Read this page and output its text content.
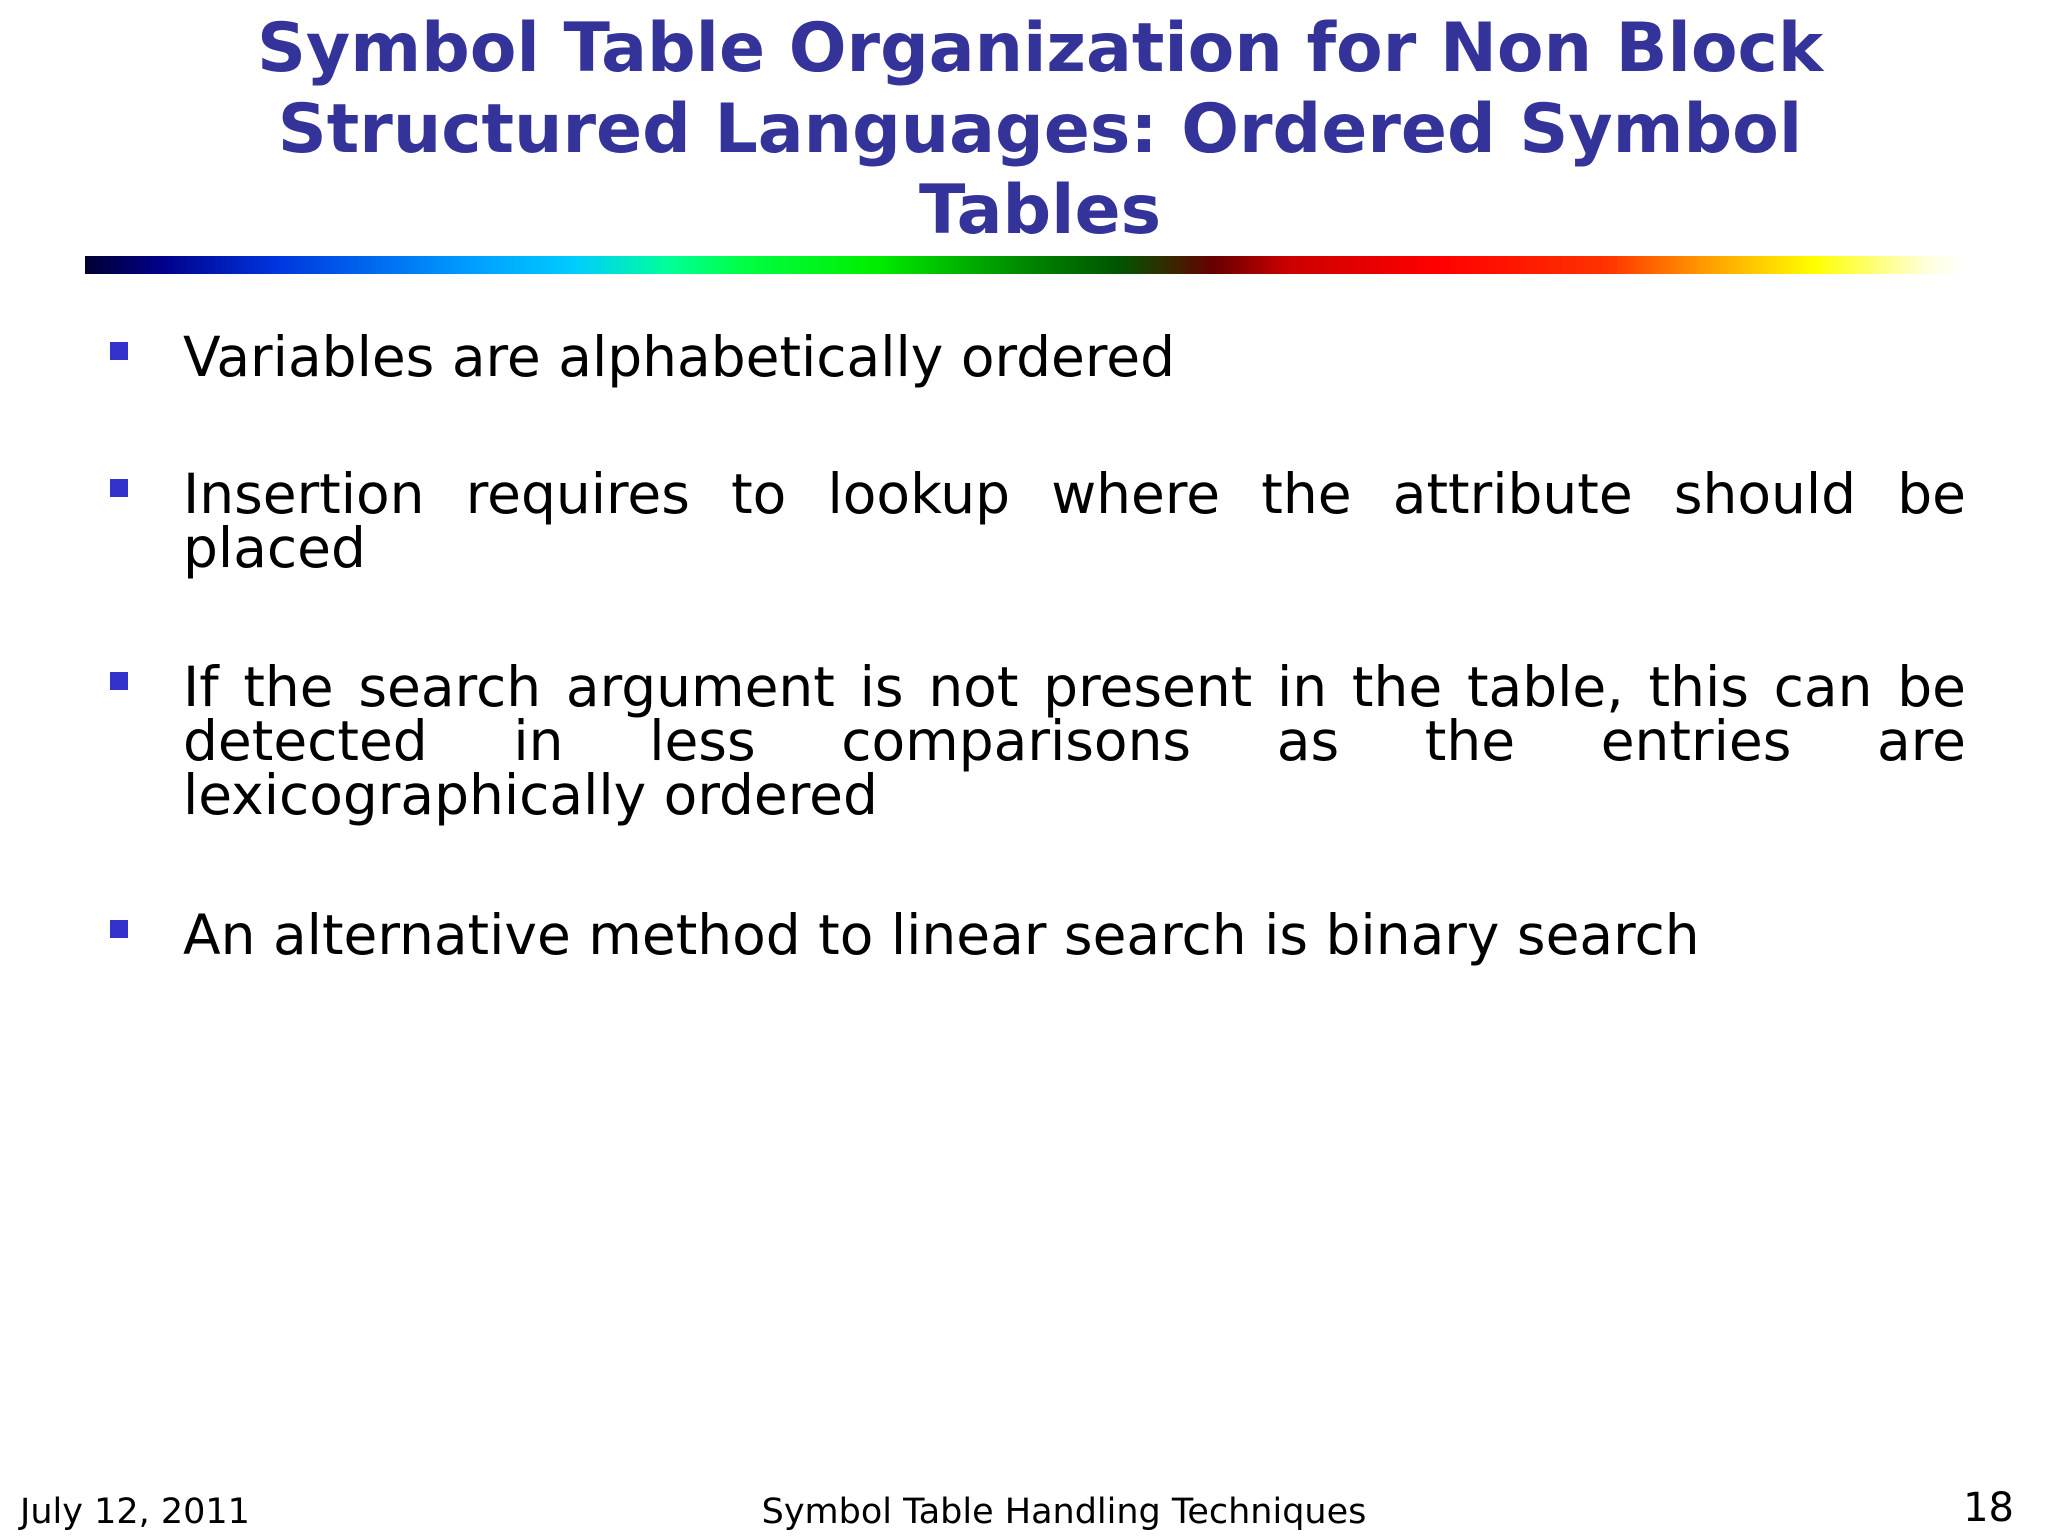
Symbol Table Organization for Non Block
Structured Languages: Ordered Symbol
Tables
Variables are alphabetically ordered
Insertion requires to lookup where the attribute should be placed
If the search argument is not present in the table, this can be detected in less comparisons as the entries are lexicographically ordered
An alternative method to linear search is binary search
July 12, 2011	Symbol Table Handling Techniques	18
